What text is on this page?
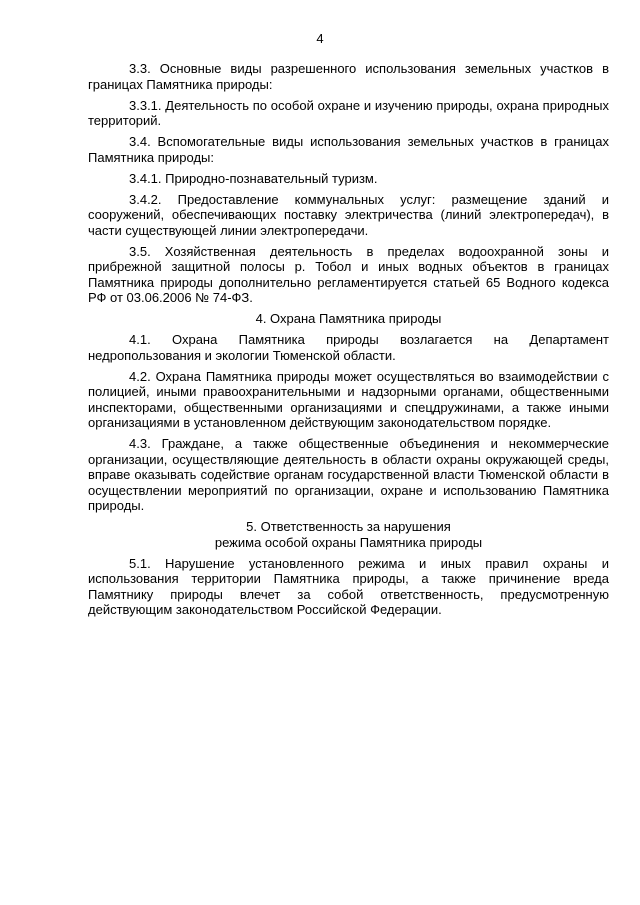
4

3.3. Основные виды разрешенного использования земельных участков в границах Памятника природы:

3.3.1. Деятельность по особой охране и изучению природы, охрана природных территорий.

3.4. Вспомогательные виды использования земельных участков в границах Памятника природы:

3.4.1. Природно-познавательный туризм.

3.4.2. Предоставление коммунальных услуг: размещение зданий и сооружений, обеспечивающих поставку электричества (линий электропередач), в части существующей линии электропередачи.

3.5. Хозяйственная деятельность в пределах водоохранной зоны и прибрежной защитной полосы р. Тобол и иных водных объектов в границах Памятника природы дополнительно регламентируется статьей 65 Водного кодекса РФ от 03.06.2006 № 74-ФЗ.

4. Охрана Памятника природы

4.1. Охрана Памятника природы возлагается на Департамент недропользования и экологии Тюменской области.

4.2. Охрана Памятника природы может осуществляться во взаимодействии с полицией, иными правоохранительными и надзорными органами, общественными инспекторами, общественными организациями и спецдружинами, а также иными организациями в установленном действующим законодательством порядке.

4.3. Граждане, а также общественные объединения и некоммерческие организации, осуществляющие деятельность в области охраны окружающей среды, вправе оказывать содействие органам государственной власти Тюменской области в осуществлении мероприятий по организации, охране и использованию Памятника природы.

5. Ответственность за нарушения
режима особой охраны Памятника природы

5.1. Нарушение установленного режима и иных правил охраны и использования территории Памятника природы, а также причинение вреда Памятнику природы влечет за собой ответственность, предусмотренную действующим законодательством Российской Федерации.
